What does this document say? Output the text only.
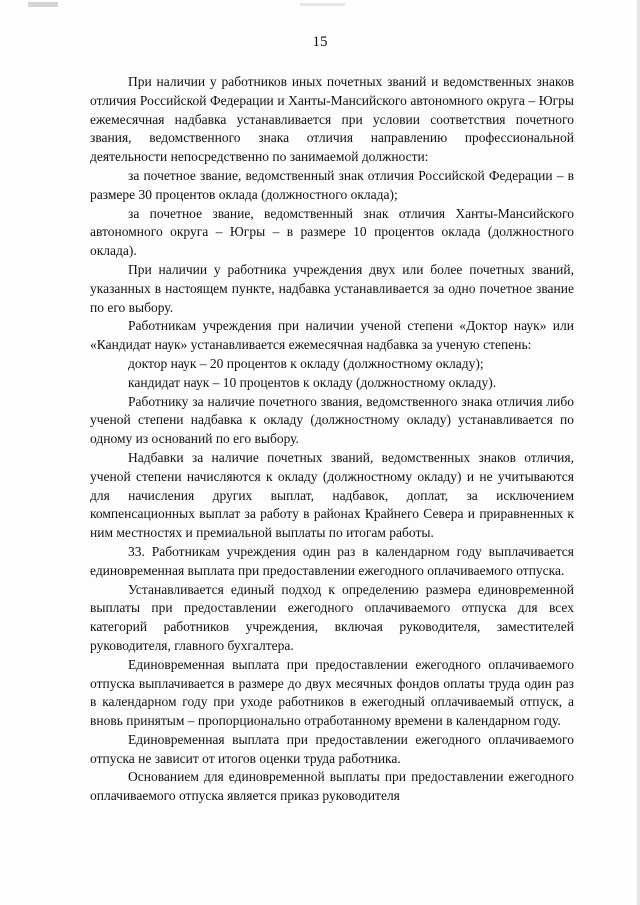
15

При наличии у работников иных почетных званий и ведомственных знаков отличия Российской Федерации и Ханты-Мансийского автономного округа – Югры ежемесячная надбавка устанавливается при условии соответствия почетного звания, ведомственного знака отличия направлению профессиональной деятельности непосредственно по занимаемой должности:

за почетное звание, ведомственный знак отличия Российской Федерации – в размере 30 процентов оклада (должностного оклада);

за почетное звание, ведомственный знак отличия Ханты-Мансийского автономного округа – Югры – в размере 10 процентов оклада (должностного оклада).

При наличии у работника учреждения двух или более почетных званий, указанных в настоящем пункте, надбавка устанавливается за одно почетное звание по его выбору.

Работникам учреждения при наличии ученой степени «Доктор наук» или «Кандидат наук» устанавливается ежемесячная надбавка за ученую степень:

доктор наук – 20 процентов к окладу (должностному окладу);

кандидат наук – 10 процентов к окладу (должностному окладу).

Работнику за наличие почетного звания, ведомственного знака отличия либо ученой степени надбавка к окладу (должностному окладу) устанавливается по одному из оснований по его выбору.

Надбавки за наличие почетных званий, ведомственных знаков отличия, ученой степени начисляются к окладу (должностному окладу) и не учитываются для начисления других выплат, надбавок, доплат, за исключением компенсационных выплат за работу в районах Крайнего Севера и приравненных к ним местностях и премиальной выплаты по итогам работы.

33. Работникам учреждения один раз в календарном году выплачивается единовременная выплата при предоставлении ежегодного оплачиваемого отпуска.

Устанавливается единый подход к определению размера единовременной выплаты при предоставлении ежегодного оплачиваемого отпуска для всех категорий работников учреждения, включая руководителя, заместителей руководителя, главного бухгалтера.

Единовременная выплата при предоставлении ежегодного оплачиваемого отпуска выплачивается в размере до двух месячных фондов оплаты труда один раз в календарном году при уходе работников в ежегодный оплачиваемый отпуск, а вновь принятым – пропорционально отработанному времени в календарном году.

Единовременная выплата при предоставлении ежегодного оплачиваемого отпуска не зависит от итогов оценки труда работника.

Основанием для единовременной выплаты при предоставлении ежегодного оплачиваемого отпуска является приказ руководителя
